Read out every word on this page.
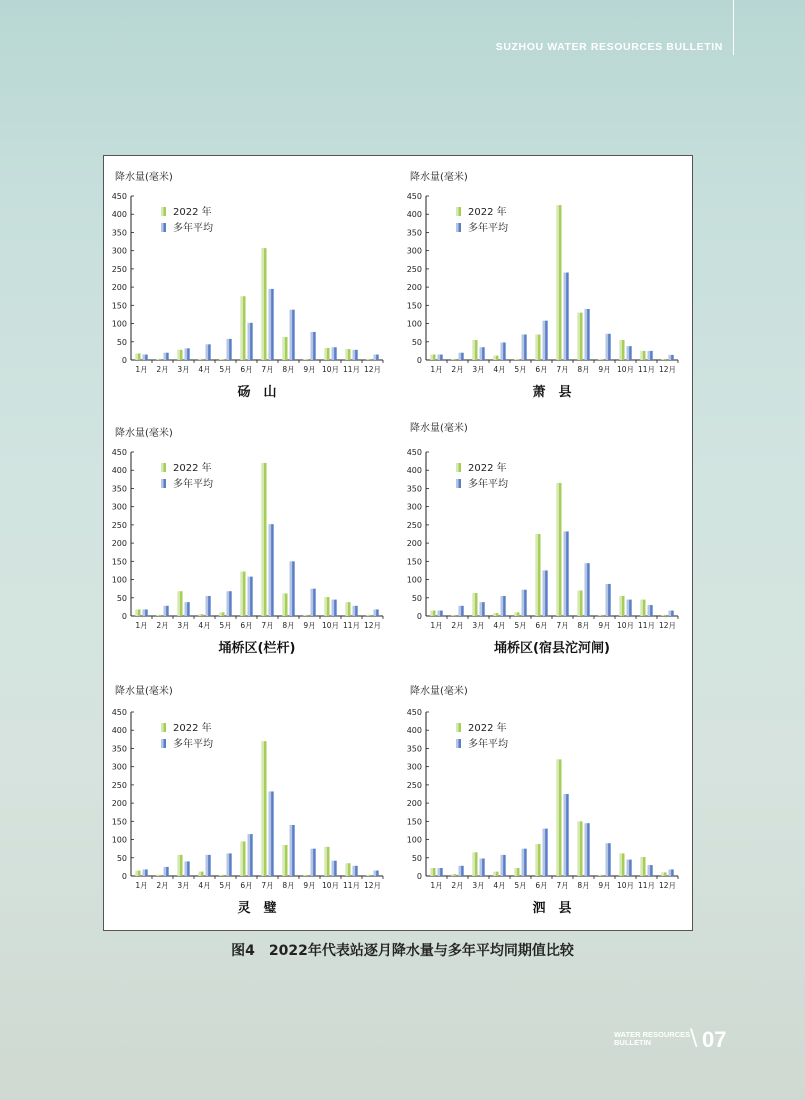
SUZHOU WATER RESOURCES BULLETIN
降水量(毫米)
0
50
100
150
200
250
300
350
400
450
1月 2月 3月 4月 5月 6月 7月 8月 9月 10月 11月 12月
2022 年
多年平均
砀　山
降水量(毫米)
0
50
100
150
200
250
300
350
400
450
1月 2月 3月 4月 5月 6月 7月 8月 9月 10月 11月 12月
2022 年
多年平均
萧　县
降水量(毫米)
0
50
100
150
200
250
300
350
400
450
1月 2月 3月 4月 5月 6月 7月 8月 9月 10月 11月 12月
2022 年
多年平均
埇桥区(栏杆)
降水量(毫米)
0
50
100
150
200
250
300
350
400
450
1月 2月 3月 4月 5月 6月 7月 8月 9月 10月 11月 12月
2022 年
多年平均
埇桥区(宿县沱河闸)
降水量(毫米)
0
50
100
150
200
250
300
350
400
450
1月 2月 3月 4月 5月 6月 7月 8月 9月 10月 11月 12月
2022 年
多年平均
灵　璧
降水量(毫米)
0
50
100
150
200
250
300
350
400
450
1月 2月 3月 4月 5月 6月 7月 8月 9月 10月 11月 12月
2022 年
多年平均
泗　县
图4　2022年代表站逐月降水量与多年平均同期值比较
WATER RESOURCES
BULLETIN	\ 07
